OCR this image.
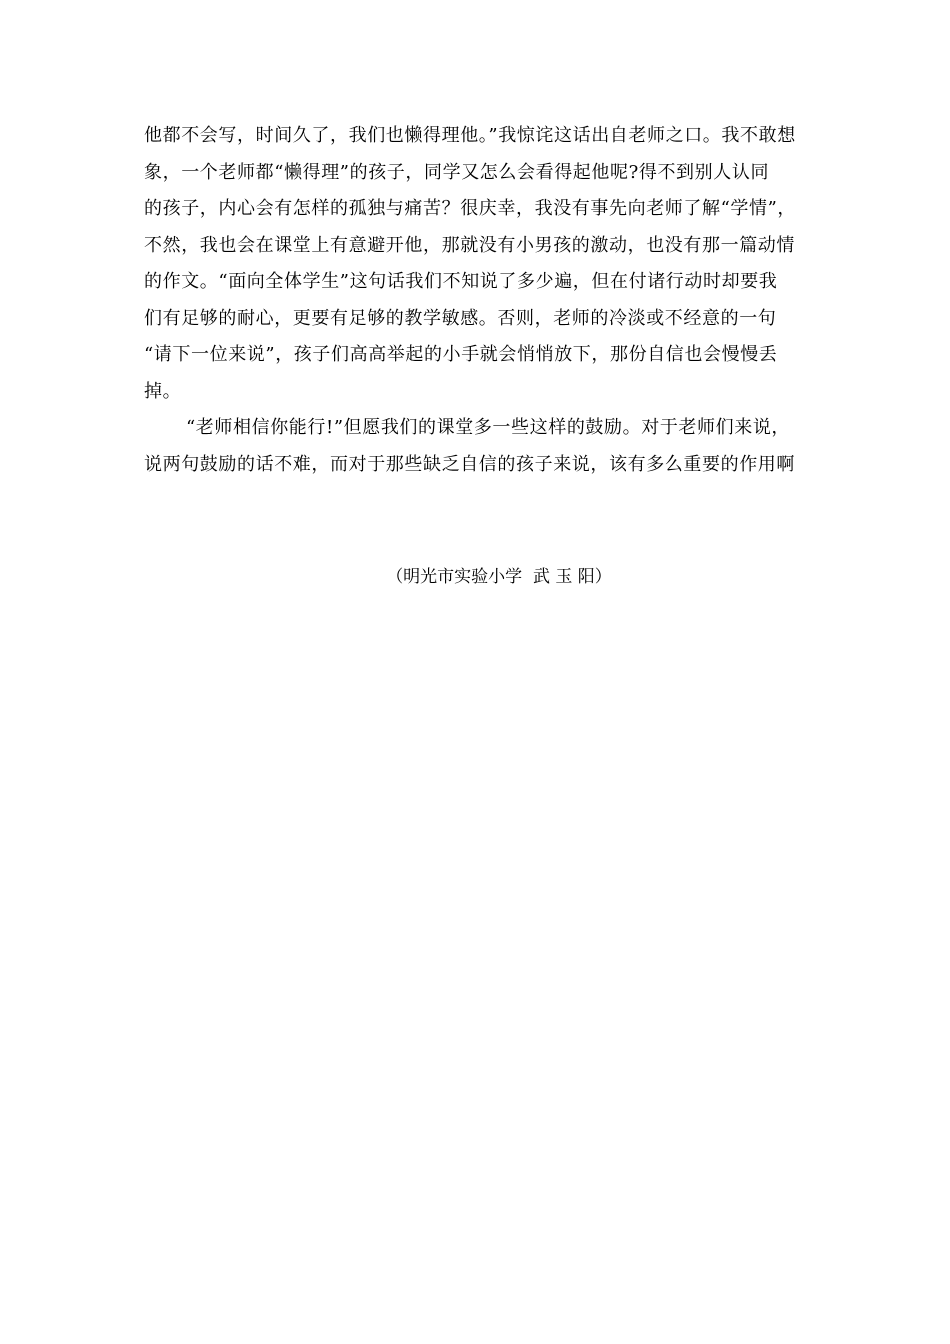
他都不会写，时间久了，我们也懒得理他。”我惊诧这话出自老师之口。我不敢想
象，一个老师都“懒得理”的孩子，同学又怎么会看得起他呢?得不到别人认同
的孩子，内心会有怎样的孤独与痛苦？很庆幸，我没有事先向老师了解“学情”，
不然，我也会在课堂上有意避开他，那就没有小男孩的激动，也没有那一篇动情
的作文。“面向全体学生”这句话我们不知说了多少遍，但在付诸行动时却要我
们有足够的耐心，更要有足够的教学敏感。否则，老师的冷淡或不经意的一句
“请下一位来说”，孩子们高高举起的小手就会悄悄放下，那份自信也会慢慢丢
掉。
“老师相信你能行!”但愿我们的课堂多一些这样的鼓励。对于老师们来说，
说两句鼓励的话不难，而对于那些缺乏自信的孩子来说，该有多么重要的作用啊
（明光市实验小学  武 玉 阳）
